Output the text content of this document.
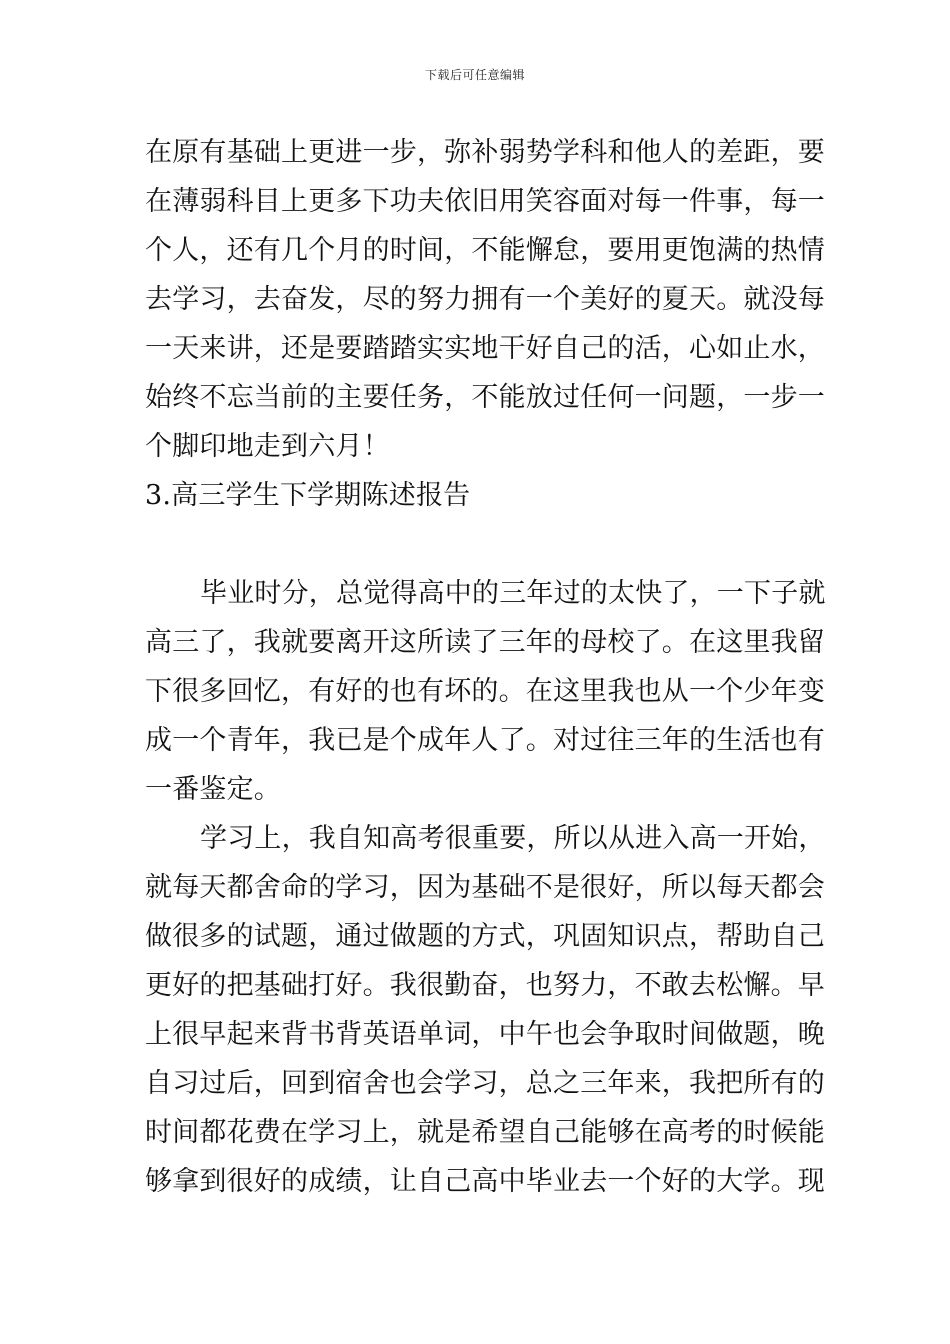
下载后可任意编辑
在原有基础上更进一步，弥补弱势学科和他人的差距，要
在薄弱科目上更多下功夫依旧用笑容面对每一件事，每一
个人，还有几个月的时间，不能懈怠，要用更饱满的热情
去学习，去奋发，尽的努力拥有一个美好的夏天。就没每
一天来讲，还是要踏踏实实地干好自己的活，心如止水，
始终不忘当前的主要任务，不能放过任何一问题，一步一
个脚印地走到六月！
3.高三学生下学期陈述报告
毕业时分，总觉得高中的三年过的太快了，一下子就
高三了，我就要离开这所读了三年的母校了。在这里我留
下很多回忆，有好的也有坏的。在这里我也从一个少年变
成一个青年，我已是个成年人了。对过往三年的生活也有
一番鉴定。
学习上，我自知高考很重要，所以从进入高一开始，
就每天都舍命的学习，因为基础不是很好，所以每天都会
做很多的试题，通过做题的方式，巩固知识点，帮助自己
更好的把基础打好。我很勤奋，也努力，不敢去松懈。早
上很早起来背书背英语单词，中午也会争取时间做题，晚
自习过后，回到宿舍也会学习，总之三年来，我把所有的
时间都花费在学习上，就是希望自己能够在高考的时候能
够拿到很好的成绩，让自己高中毕业去一个好的大学。现
